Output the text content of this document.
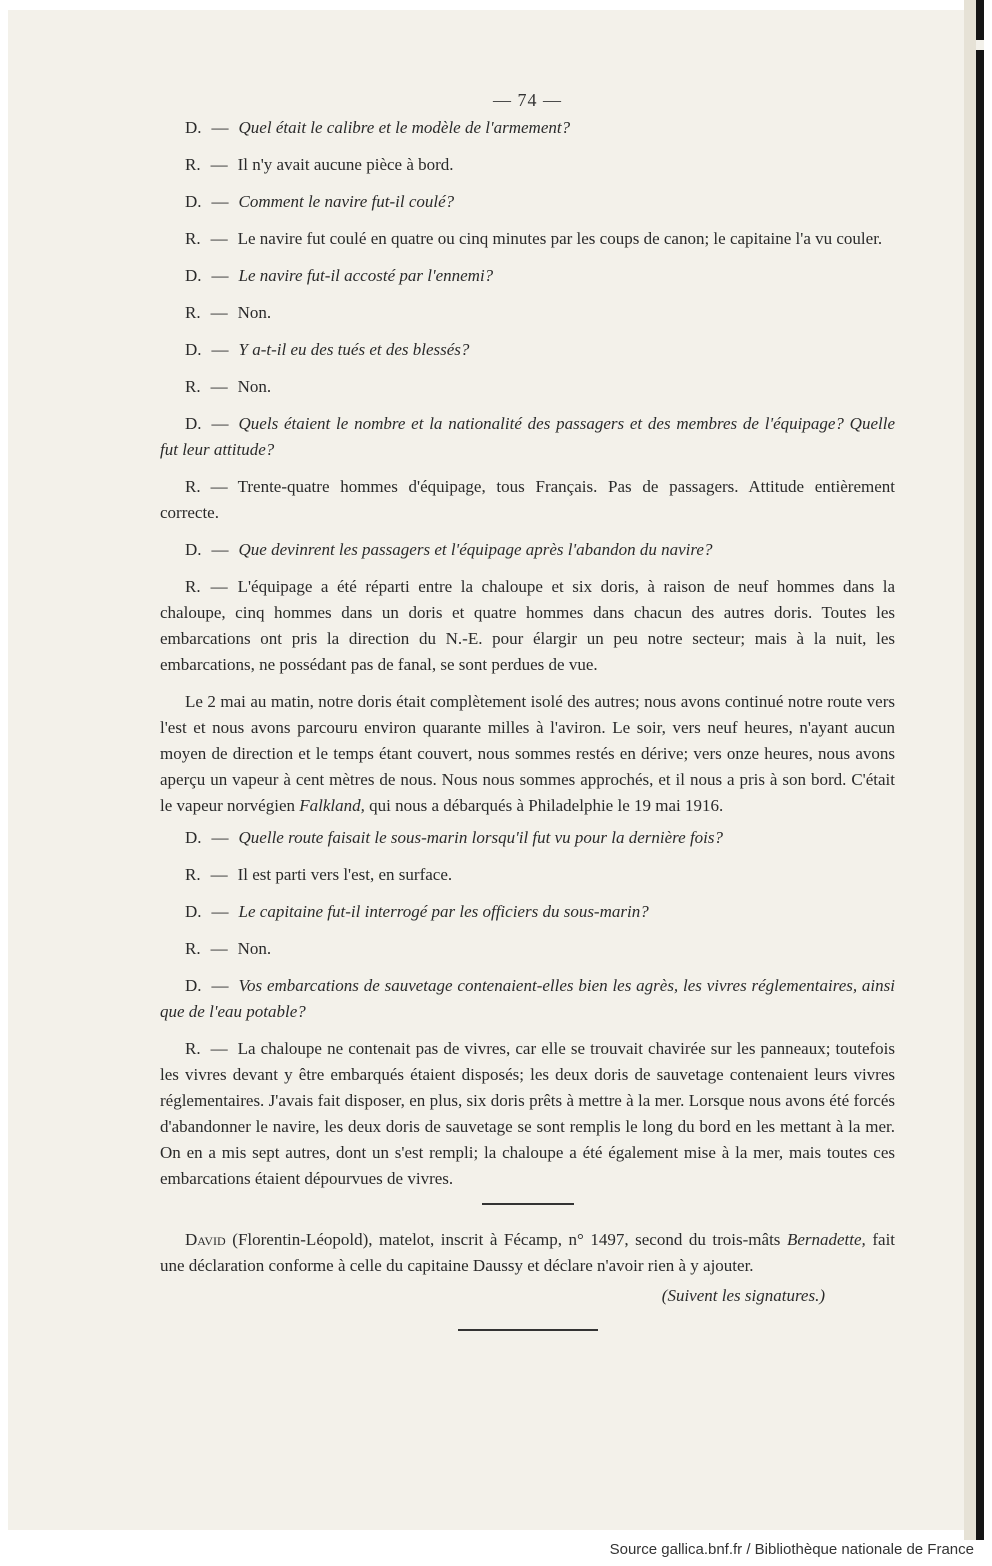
— 74 —

D. — Quel était le calibre et le modèle de l'armement?

R. — Il n'y avait aucune pièce à bord.

D. — Comment le navire fut-il coulé?

R. — Le navire fut coulé en quatre ou cinq minutes par les coups de canon; le capitaine l'a vu couler.

D. — Le navire fut-il accosté par l'ennemi?

R. — Non.

D. — Y a-t-il eu des tués et des blessés?

R. — Non.

D. — Quels étaient le nombre et la nationalité des passagers et des membres de l'équipage? Quelle fut leur attitude?

R. — Trente-quatre hommes d'équipage, tous Français. Pas de passagers. Attitude entièrement correcte.

D. — Que devinrent les passagers et l'équipage après l'abandon du navire?

R. — L'équipage a été réparti entre la chaloupe et six doris, à raison de neuf hommes dans la chaloupe, cinq hommes dans un doris et quatre hommes dans chacun des autres doris. Toutes les embarcations ont pris la direction du N.-E. pour élargir un peu notre secteur; mais à la nuit, les embarcations, ne possédant pas de fanal, se sont perdues de vue.

Le 2 mai au matin, notre doris était complètement isolé des autres; nous avons continué notre route vers l'est et nous avons parcouru environ quarante milles à l'aviron. Le soir, vers neuf heures, n'ayant aucun moyen de direction et le temps étant couvert, nous sommes restés en dérive; vers onze heures, nous avons aperçu un vapeur à cent mètres de nous. Nous nous sommes approchés, et il nous a pris à son bord. C'était le vapeur norvégien Falkland, qui nous a débarqués à Philadelphie le 19 mai 1916.

D. — Quelle route faisait le sous-marin lorsqu'il fut vu pour la dernière fois?

R. — Il est parti vers l'est, en surface.

D. — Le capitaine fut-il interrogé par les officiers du sous-marin?

R. — Non.

D. — Vos embarcations de sauvetage contenaient-elles bien les agrès, les vivres réglementaires, ainsi que de l'eau potable?

R. — La chaloupe ne contenait pas de vivres, car elle se trouvait chavirée sur les panneaux; toutefois les vivres devant y être embarqués étaient disposés; les deux doris de sauvetage contenaient leurs vivres réglementaires. J'avais fait disposer, en plus, six doris prêts à mettre à la mer. Lorsque nous avons été forcés d'abandonner le navire, les deux doris de sauvetage se sont remplis le long du bord en les mettant à la mer. On en a mis sept autres, dont un s'est rempli; la chaloupe a été également mise à la mer, mais toutes ces embarcations étaient dépourvues de vivres.

David (Florentin-Léopold), matelot, inscrit à Fécamp, n° 1497, second du trois-mâts Bernadette, fait une déclaration conforme à celle du capitaine Daussy et déclare n'avoir rien à y ajouter.

(Suivent les signatures.)
Source gallica.bnf.fr / Bibliothèque nationale de France
